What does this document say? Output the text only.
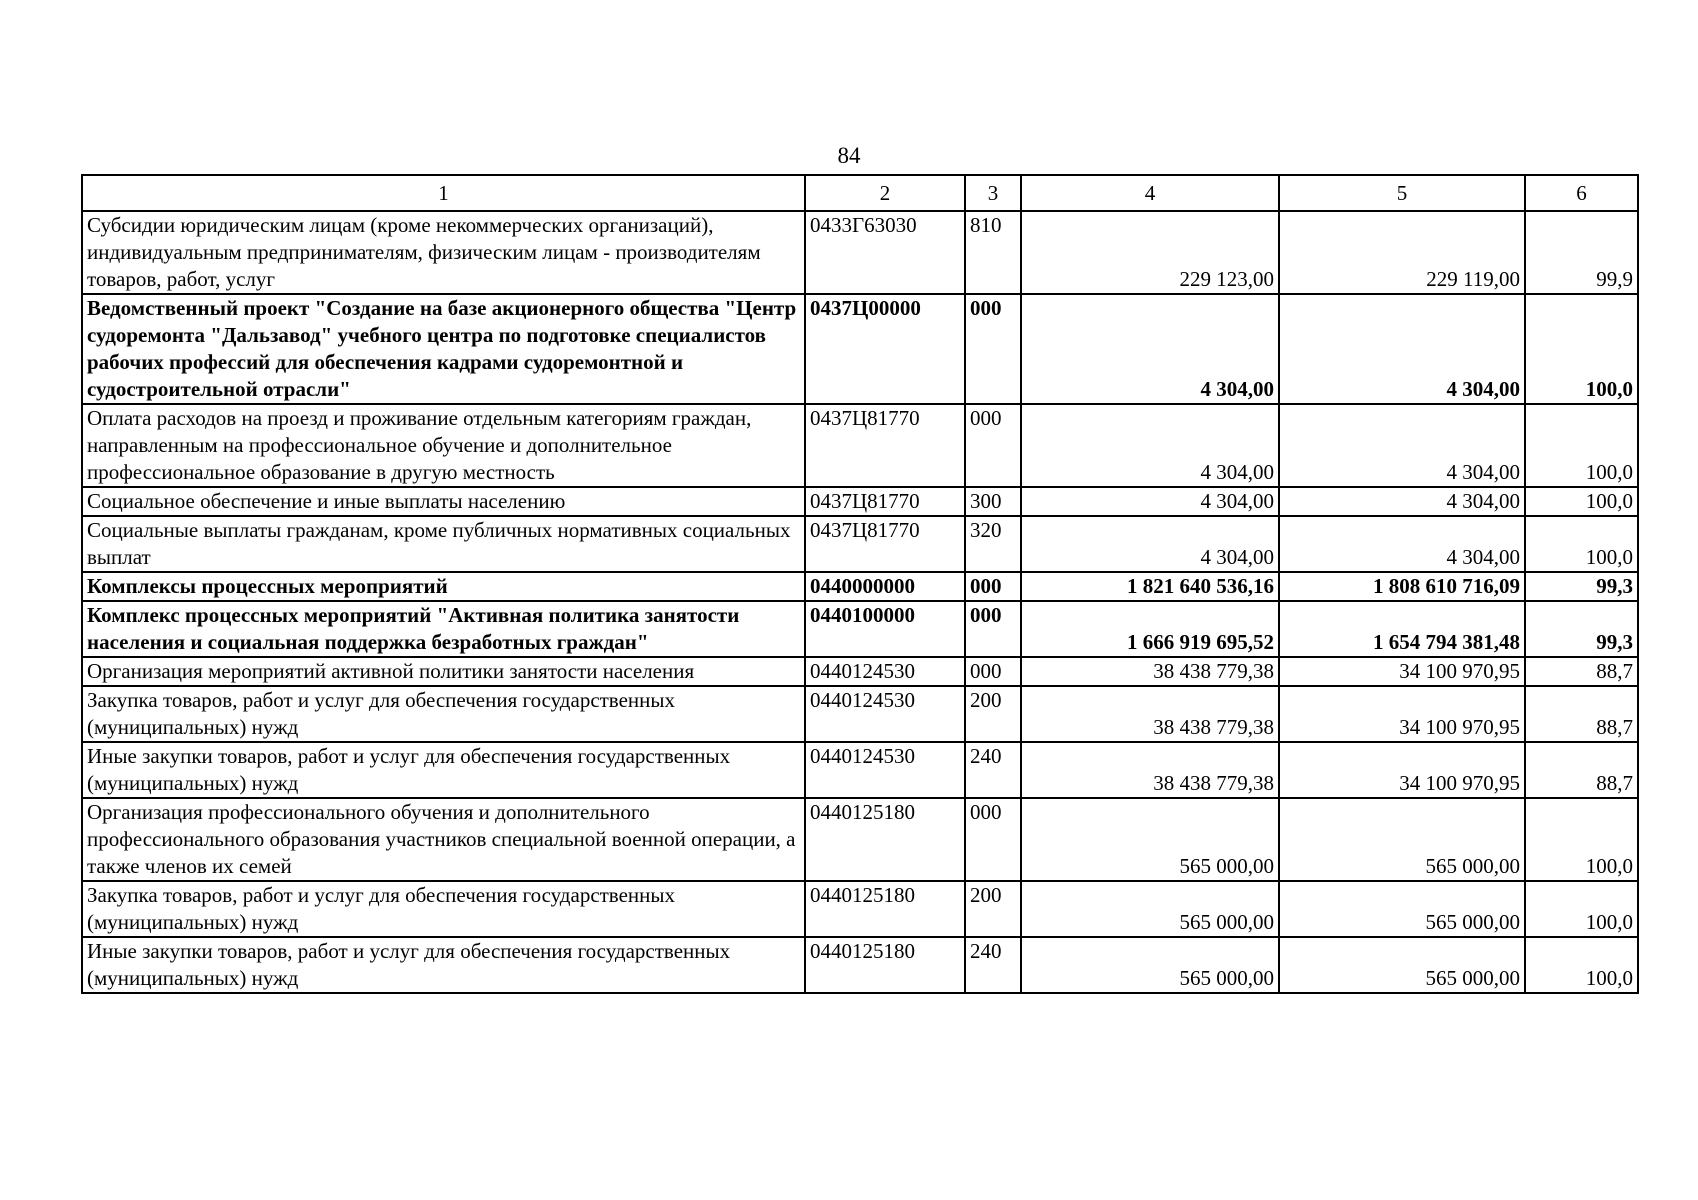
84
1	2	3	4	5	6
Субсидии юридическим лицам (кроме некоммерческих организаций), индивидуальным предпринимателям, физическим лицам - производителям товаров, работ, услуг	0433Г63030	810	229 123,00	229 119,00	99,9
Ведомственный проект "Создание на базе акционерного общества "Центр судоремонта "Дальзавод" учебного центра по подготовке специалистов рабочих профессий для обеспечения кадрами судоремонтной и судостроительной отрасли"	0437Ц00000	000	4 304,00	4 304,00	100,0
Оплата расходов на проезд и проживание отдельным категориям граждан, направленным на профессиональное обучение и дополнительное профессиональное образование в другую местность	0437Ц81770	000	4 304,00	4 304,00	100,0
Социальное обеспечение и иные выплаты населению	0437Ц81770	300	4 304,00	4 304,00	100,0
Социальные выплаты гражданам, кроме публичных нормативных социальных выплат	0437Ц81770	320	4 304,00	4 304,00	100,0
Комплексы процессных мероприятий	0440000000	000	1 821 640 536,16	1 808 610 716,09	99,3
Комплекс процессных мероприятий "Активная политика занятости населения и социальная поддержка безработных граждан"	0440100000	000	1 666 919 695,52	1 654 794 381,48	99,3
Организация мероприятий активной политики занятости населения	0440124530	000	38 438 779,38	34 100 970,95	88,7
Закупка товаров, работ и услуг для обеспечения государственных (муниципальных) нужд	0440124530	200	38 438 779,38	34 100 970,95	88,7
Иные закупки товаров, работ и услуг для обеспечения государственных (муниципальных) нужд	0440124530	240	38 438 779,38	34 100 970,95	88,7
Организация профессионального обучения и дополнительного профессионального образования участников специальной военной операции, а также членов их семей	0440125180	000	565 000,00	565 000,00	100,0
Закупка товаров, работ и услуг для обеспечения государственных (муниципальных) нужд	0440125180	200	565 000,00	565 000,00	100,0
Иные закупки товаров, работ и услуг для обеспечения государственных (муниципальных) нужд	0440125180	240	565 000,00	565 000,00	100,0
